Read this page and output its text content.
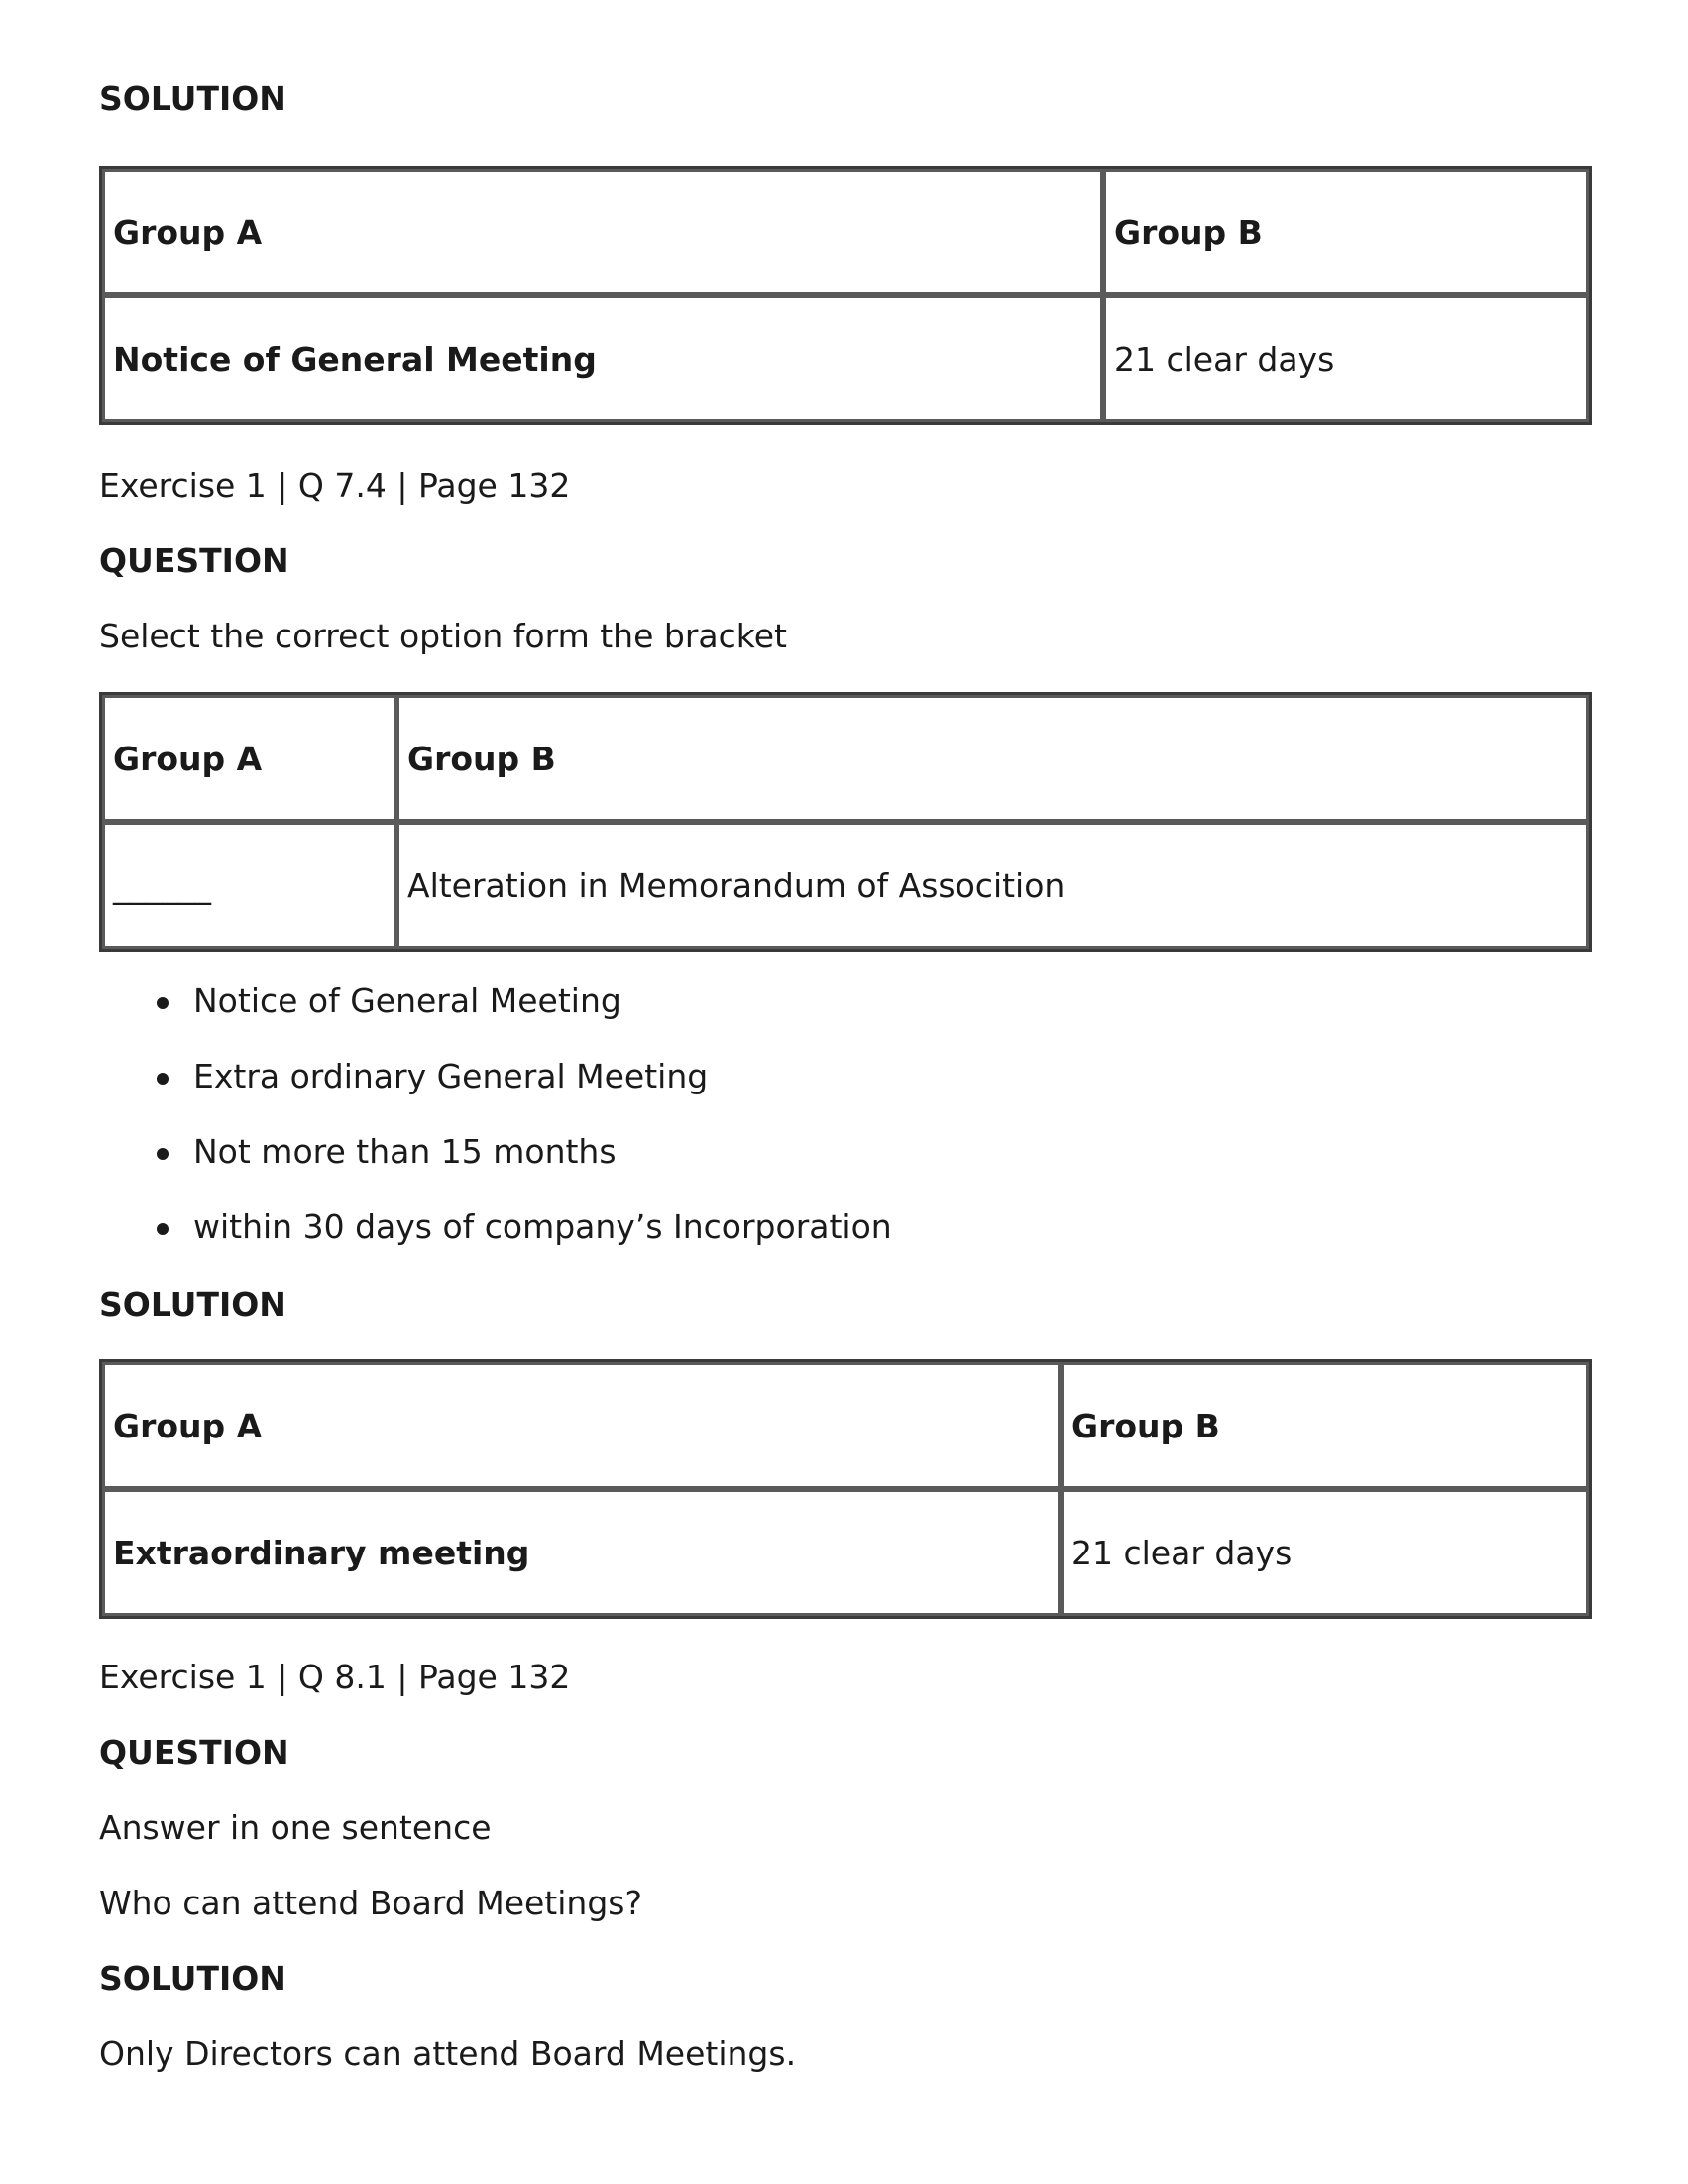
SOLUTION

Group A	Group B
Notice of General Meeting	21 clear days

Exercise 1 | Q 7.4 | Page 132

QUESTION

Select the correct option form the bracket

Group A	Group B
______	Alteration in Memorandum of Assocition
Notice of General Meeting
Extra ordinary General Meeting
Not more than 15 months
within 30 days of company’s Incorporation

SOLUTION

Group A	Group B
Extraordinary meeting	21 clear days

Exercise 1 | Q 8.1 | Page 132

QUESTION

Answer in one sentence

Who can attend Board Meetings?

SOLUTION

Only Directors can attend Board Meetings.
